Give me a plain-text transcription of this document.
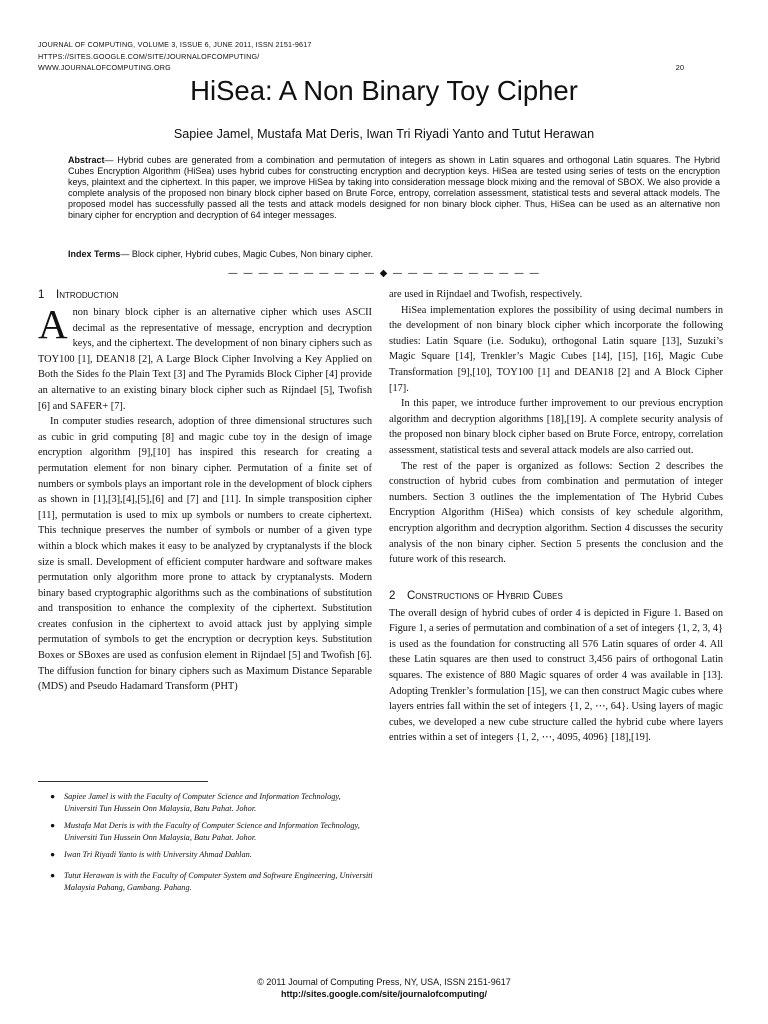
JOURNAL OF COMPUTING, VOLUME 3, ISSUE 6, JUNE 2011, ISSN 2151-9617
HTTPS://SITES.GOOGLE.COM/SITE/JOURNALOFCOMPUTING/
WWW.JOURNALOFCOMPUTING.ORG	20
HiSea: A Non Binary Toy Cipher
Sapiee Jamel, Mustafa Mat Deris, Iwan Tri Riyadi Yanto and Tutut Herawan
Abstract— Hybrid cubes are generated from a combination and permutation of integers as shown in Latin squares and orthogonal Latin squares. The Hybrid Cubes Encryption Algorithm (HiSea) uses hybrid cubes for constructing encryption and decryption keys. HiSea are tested using series of tests on the encryption keys, plaintext and the ciphertext. In this paper, we improve HiSea by taking into consideration message block mixing and the removal of SBOX. We also provide a complete analysis of the proposed non binary block cipher based on Brute Force, entropy, correlation assessment, statistical tests and several attack models. The proposed model has successfully passed all the tests and attack models designed for non binary block cipher. Thus, HiSea can be used as an alternative non binary cipher for encryption and decryption of 64 integer messages.
Index Terms— Block cipher, Hybrid cubes, Magic Cubes, Non binary cipher.
— — — — — — — — — — ◆ — — — — — — — — — —
1 Introduction

Anon binary block cipher is an alternative cipher which uses ASCII decimal as the representative of message, encryption and decryption keys, and the ciphertext. The development of non binary ciphers such as TOY100 [1], DEAN18 [2], A Large Block Cipher Involving a Key Applied on Both the Sides fo the Plain Text [3] and The Pyramids Block Cipher [4] provide an alternative to an existing binary block cipher such as Rijndael [5], Twofish [6] and SAFER+ [7].

In computer studies research, adoption of three dimensional structures such as cubic in grid computing [8] and magic cube toy in the design of image encryption algorithm [9],[10] has inspired this research for creating a permutation element for non binary cipher. Permutation of a finite set of numbers or symbols plays an important role in the development of block ciphers as shown in [1],[3],[4],[5],[6] and [7] and [11]. In simple transposition cipher [11], permutation is used to mix up symbols or numbers to create ciphertext. This technique preserves the number of symbols or number of a given type within a block which makes it easy to be analyzed by cryptanalysts if the block size is small. Development of efficient computer hardware and software makes permutation only algorithm more prone to attack by cryptanalysts. Modern binary based cryptographic algorithms such as the combinations of substitution and transposition to enhance the complexity of the ciphertext. Substitution creates confusion in the ciphertext to avoid attack just by applying simple permutation of symbols to get the encryption or decryption keys. Substitution Boxes or SBoxes are used as confusion element in Rijndael [5] and Twofish [6]. The diffusion function for binary ciphers such as Maximum Distance Separable (MDS) and Pseudo Hadamard Transform (PHT)

● Sapiee Jamel is with the Faculty of Computer Science and Information Technology, Universiti Tun Hussein Onn Malaysia, Batu Pahat. Johor.
● Mustafa Mat Deris is with the Faculty of Computer Science and Information Technology, Universiti Tun Hussein Onn Malaysia, Batu Pahat. Johor.
● Iwan Tri Riyadi Yanto is with University Ahmad Dahlan.
● Tutut Herawan is with the Faculty of Computer System and Software Engineering, Universiti Malaysia Pahang, Gambang. Pahang.

are used in Rijndael and Twofish, respectively.

HiSea implementation explores the possibility of using decimal numbers in the development of non binary block cipher which incorporate the following studies: Latin Square (i.e. Soduku), orthogonal Latin square [13], Suzuki’s Magic Square [14], Trenkler’s Magic Cubes [14], [15], [16], Magic Cube Transformation [9],[10], TOY100 [1] and DEAN18 [2] and A Block Cipher [17].

In this paper, we introduce further improvement to our previous encryption algorithm and decryption algorithms [18],[19]. A complete security analysis of the proposed non binary block cipher based on Brute Force, entropy, correlation assessment, statistical tests and several attack models are also carried out.

The rest of the paper is organized as follows: Section 2 describes the construction of hybrid cubes from combination and permutation of integer numbers. Section 3 outlines the the implementation of The Hybrid Cubes Encryption Algorithm (HiSea) which consists of key schedule algorithm, encryption algorithm and decryption algorithm. Section 4 discusses the security analysis of the non binary cipher. Section 5 presents the conclusion and the future work of this research.

2 Constructions of Hybrid Cubes

The overall design of hybrid cubes of order 4 is depicted in Figure 1. Based on Figure 1, a series of permutation and combination of a set of integers {1, 2, 3, 4} is used as the foundation for constructing all 576 Latin squares of order 4. All these Latin squares are then used to construct 3,456 pairs of orthogonal Latin squares. The existence of 880 Magic squares of order 4 was available in [13]. Adopting Trenkler’s formulation [15], we can then construct Magic cubes where layers entries fall within the set of integers {1, 2, ⋯, 64}. Using layers of magic cubes, we developed a new cube structure called the hybrid cube where layers entries within a set of integers {1, 2, ⋯, 4095, 4096} [18],[19].

© 2011 Journal of Computing Press, NY, USA, ISSN 2151-9617
http://sites.google.com/site/journalofcomputing/
